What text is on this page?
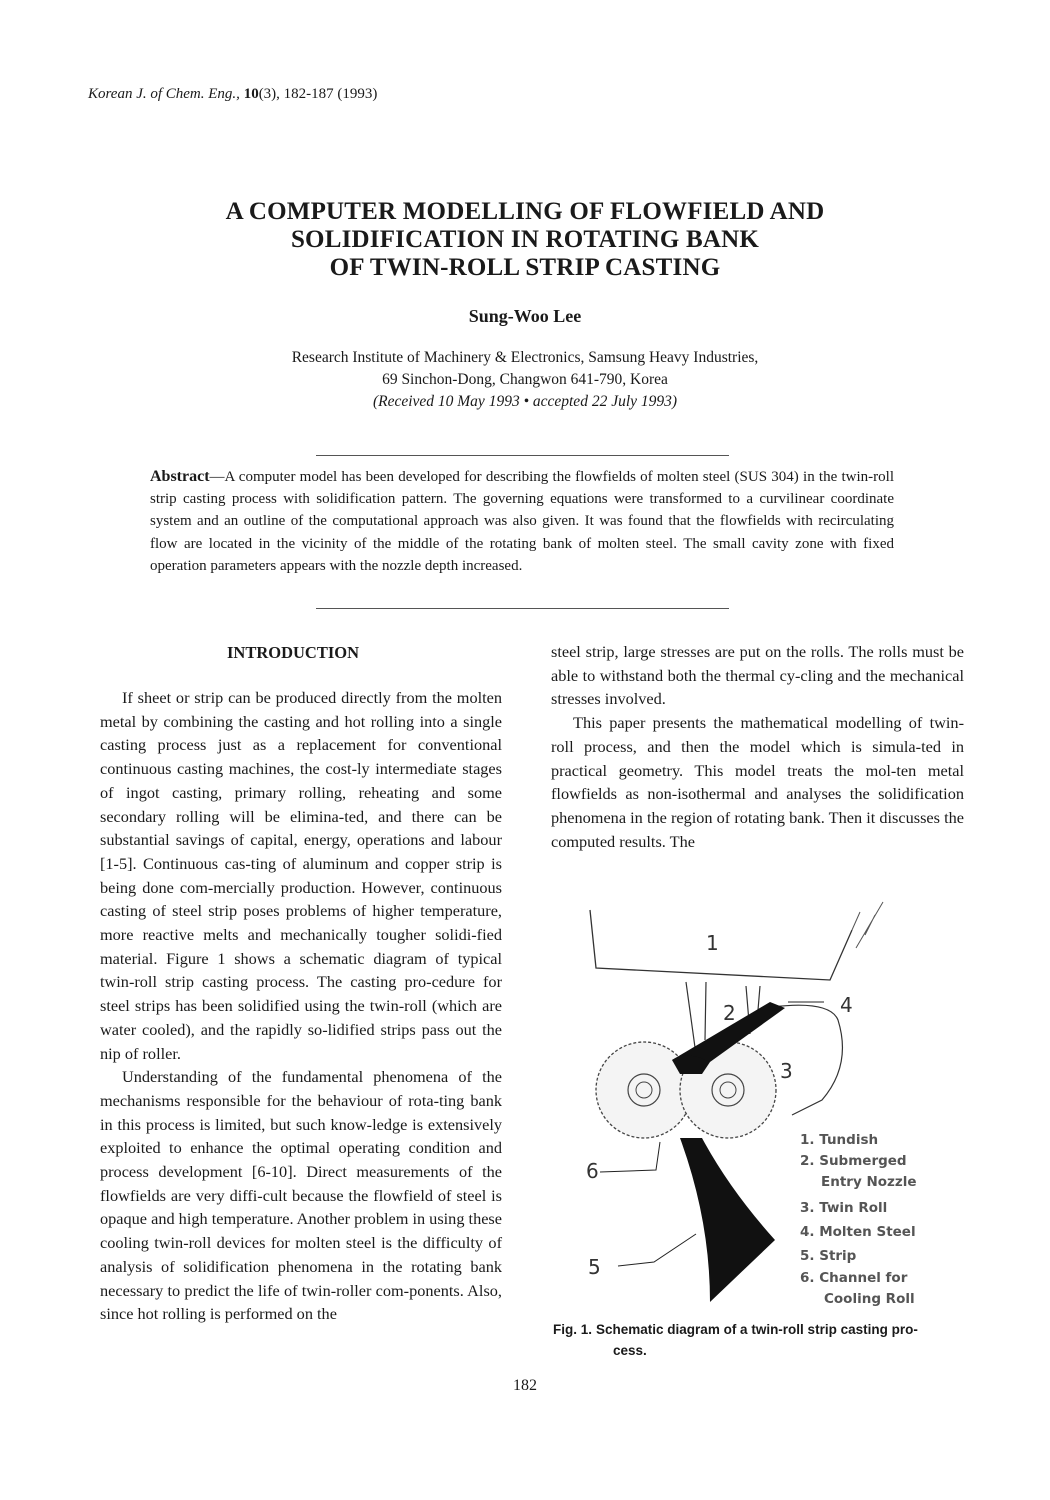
Korean J. of Chem. Eng., 10(3), 182-187 (1993)
A COMPUTER MODELLING OF FLOWFIELD AND
SOLIDIFICATION IN ROTATING BANK
OF TWIN-ROLL STRIP CASTING
Sung-Woo Lee
Research Institute of Machinery & Electronics, Samsung Heavy Industries,
69 Sinchon-Dong, Changwon 641-790, Korea
(Received 10 May 1993 • accepted 22 July 1993)
Abstract—A computer model has been developed for describing the flowfields of molten steel (SUS 304) in the twin-roll strip casting process with solidification pattern. The governing equations were transformed to a curvilinear coordinate system and an outline of the computational approach was also given. It was found that the flowfields with recirculating flow are located in the vicinity of the middle of the rotating bank of molten steel. The small cavity zone with fixed operation parameters appears with the nozzle depth increased.
INTRODUCTION

If sheet or strip can be produced directly from the molten metal by combining the casting and hot rolling into a single casting process just as a replacement for conventional continuous casting machines, the cost-ly intermediate stages of ingot casting, primary rolling, reheating and some secondary rolling will be elimina-ted, and there can be substantial savings of capital, energy, operations and labour [1-5]. Continuous cas-ting of aluminum and copper strip is being done com-mercially production. However, continuous casting of steel strip poses problems of higher temperature, more reactive melts and mechanically tougher solidi-fied material. Figure 1 shows a schematic diagram of typical twin-roll strip casting process. The casting pro-cedure for steel strips has been solidified using the twin-roll (which are water cooled), and the rapidly so-lidified strips pass out the nip of roller.

Understanding of the fundamental phenomena of the mechanisms responsible for the behaviour of rota-ting bank in this process is limited, but such know-ledge is extensively exploited to enhance the optimal operating condition and process development [6-10]. Direct measurements of the flowfields are very diffi-cult because the flowfield of steel is opaque and high temperature. Another problem in using these cooling twin-roll devices for molten steel is the difficulty of analysis of solidification phenomena in the rotating bank necessary to predict the life of twin-roller com-ponents. Also, since hot rolling is performed on the

steel strip, large stresses are put on the rolls. The rolls must be able to withstand both the thermal cy-cling and the mechanical stresses involved.

This paper presents the mathematical modelling of twin-roll process, and then the model which is simula-ted in practical geometry. This model treats the mol-ten metal flowfields as non-isothermal and analyses the solidification phenomena in the region of rotating bank. Then it discusses the computed results. The

1
2
3
4
5
6
1. Tundish
2. Submerged
Entry Nozzle
3. Twin Roll
4. Molten Steel
5. Strip
6. Channel for
Cooling Roll
Fig. 1. Schematic diagram of a twin-roll strip casting pro-
cess.
182
